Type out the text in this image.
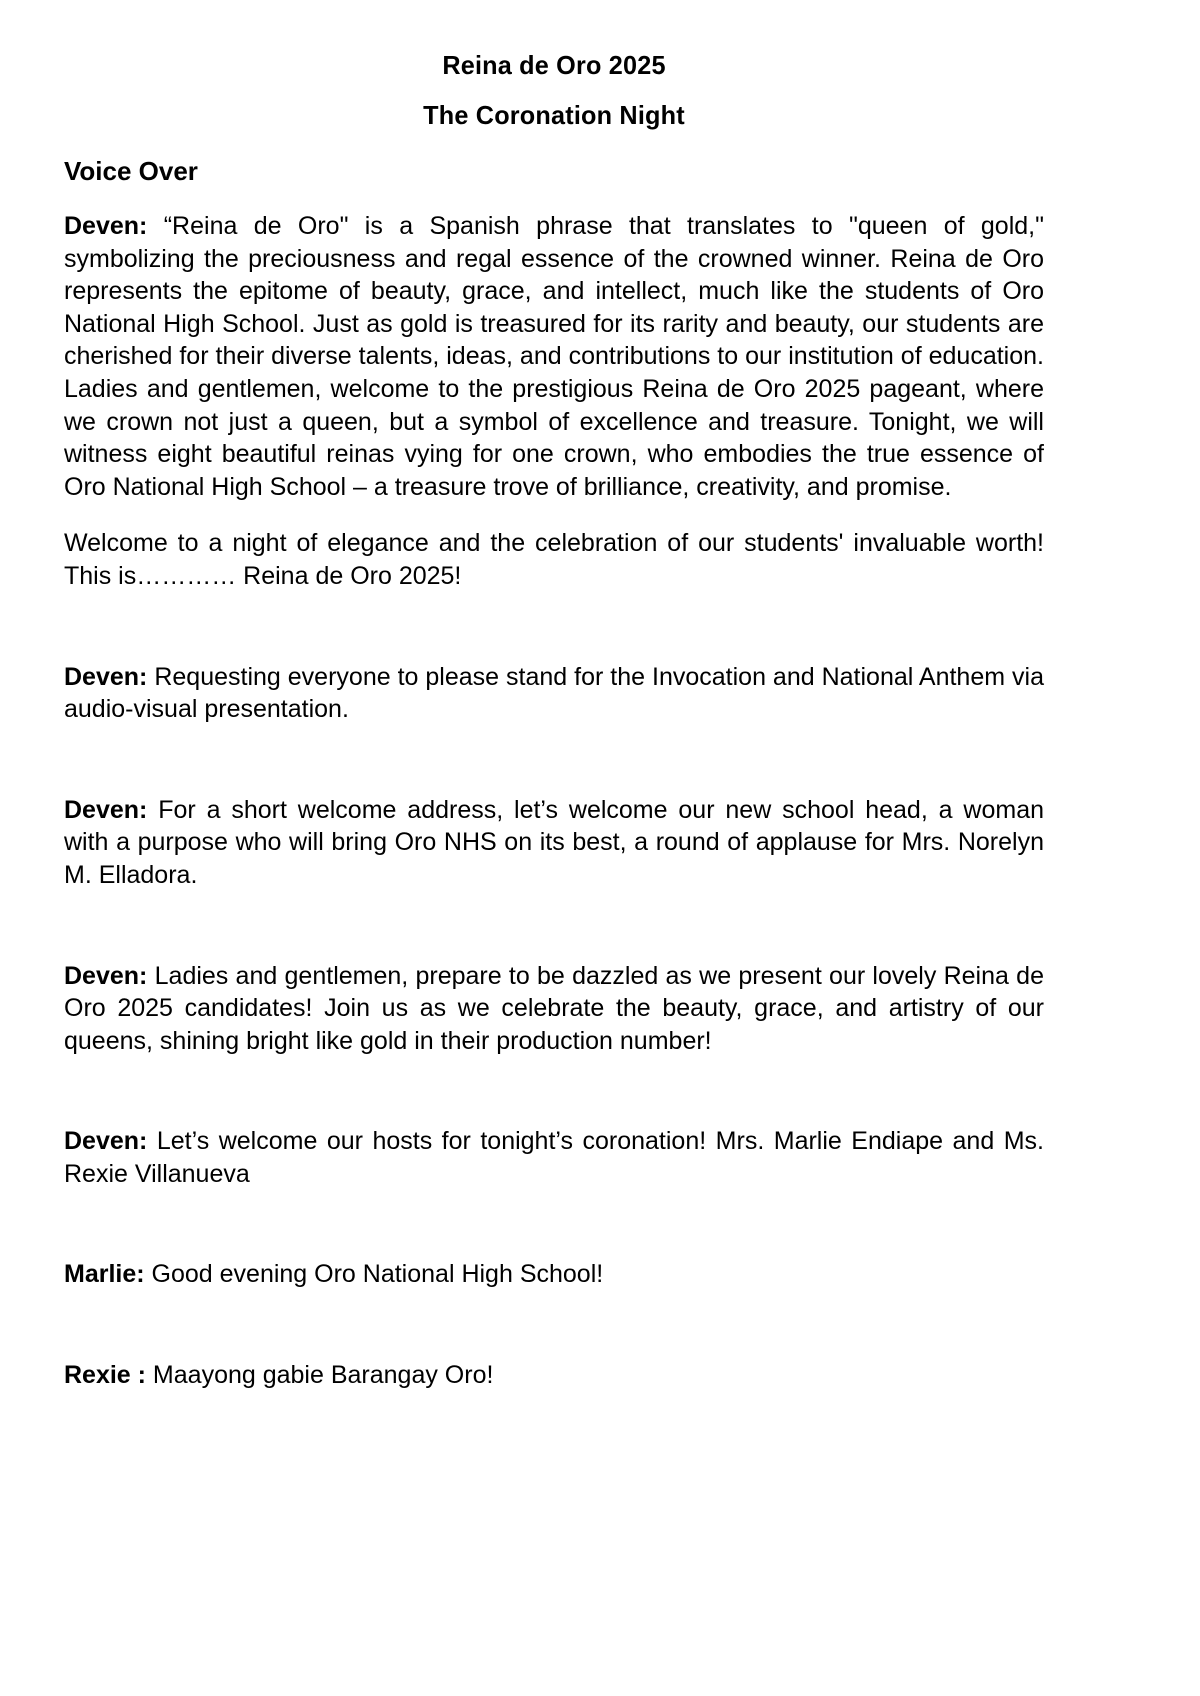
Reina de Oro 2025
The Coronation Night
Voice Over

Deven: “Reina de Oro" is a Spanish phrase that translates to "queen of gold," symbolizing the preciousness and regal essence of the crowned winner. Reina de Oro represents the epitome of beauty, grace, and intellect, much like the students of Oro National High School. Just as gold is treasured for its rarity and beauty, our students are cherished for their diverse talents, ideas, and contributions to our institution of education. Ladies and gentlemen, welcome to the prestigious Reina de Oro 2025 pageant, where we crown not just a queen, but a symbol of excellence and treasure. Tonight, we will witness eight beautiful reinas vying for one crown, who embodies the true essence of Oro National High School – a treasure trove of brilliance, creativity, and promise.

Welcome to a night of elegance and the celebration of our students' invaluable worth! This is………… Reina de Oro 2025!

Deven: Requesting everyone to please stand for the Invocation and National Anthem via audio-visual presentation.

Deven: For a short welcome address, let’s welcome our new school head, a woman with a purpose who will bring Oro NHS on its best, a round of applause for Mrs. Norelyn M. Elladora.

Deven: Ladies and gentlemen, prepare to be dazzled as we present our lovely Reina de Oro 2025 candidates! Join us as we celebrate the beauty, grace, and artistry of our queens, shining bright like gold in their production number!

Deven: Let’s welcome our hosts for tonight’s coronation! Mrs. Marlie Endiape and Ms. Rexie Villanueva

Marlie: Good evening Oro National High School!

Rexie : Maayong gabie Barangay Oro!
